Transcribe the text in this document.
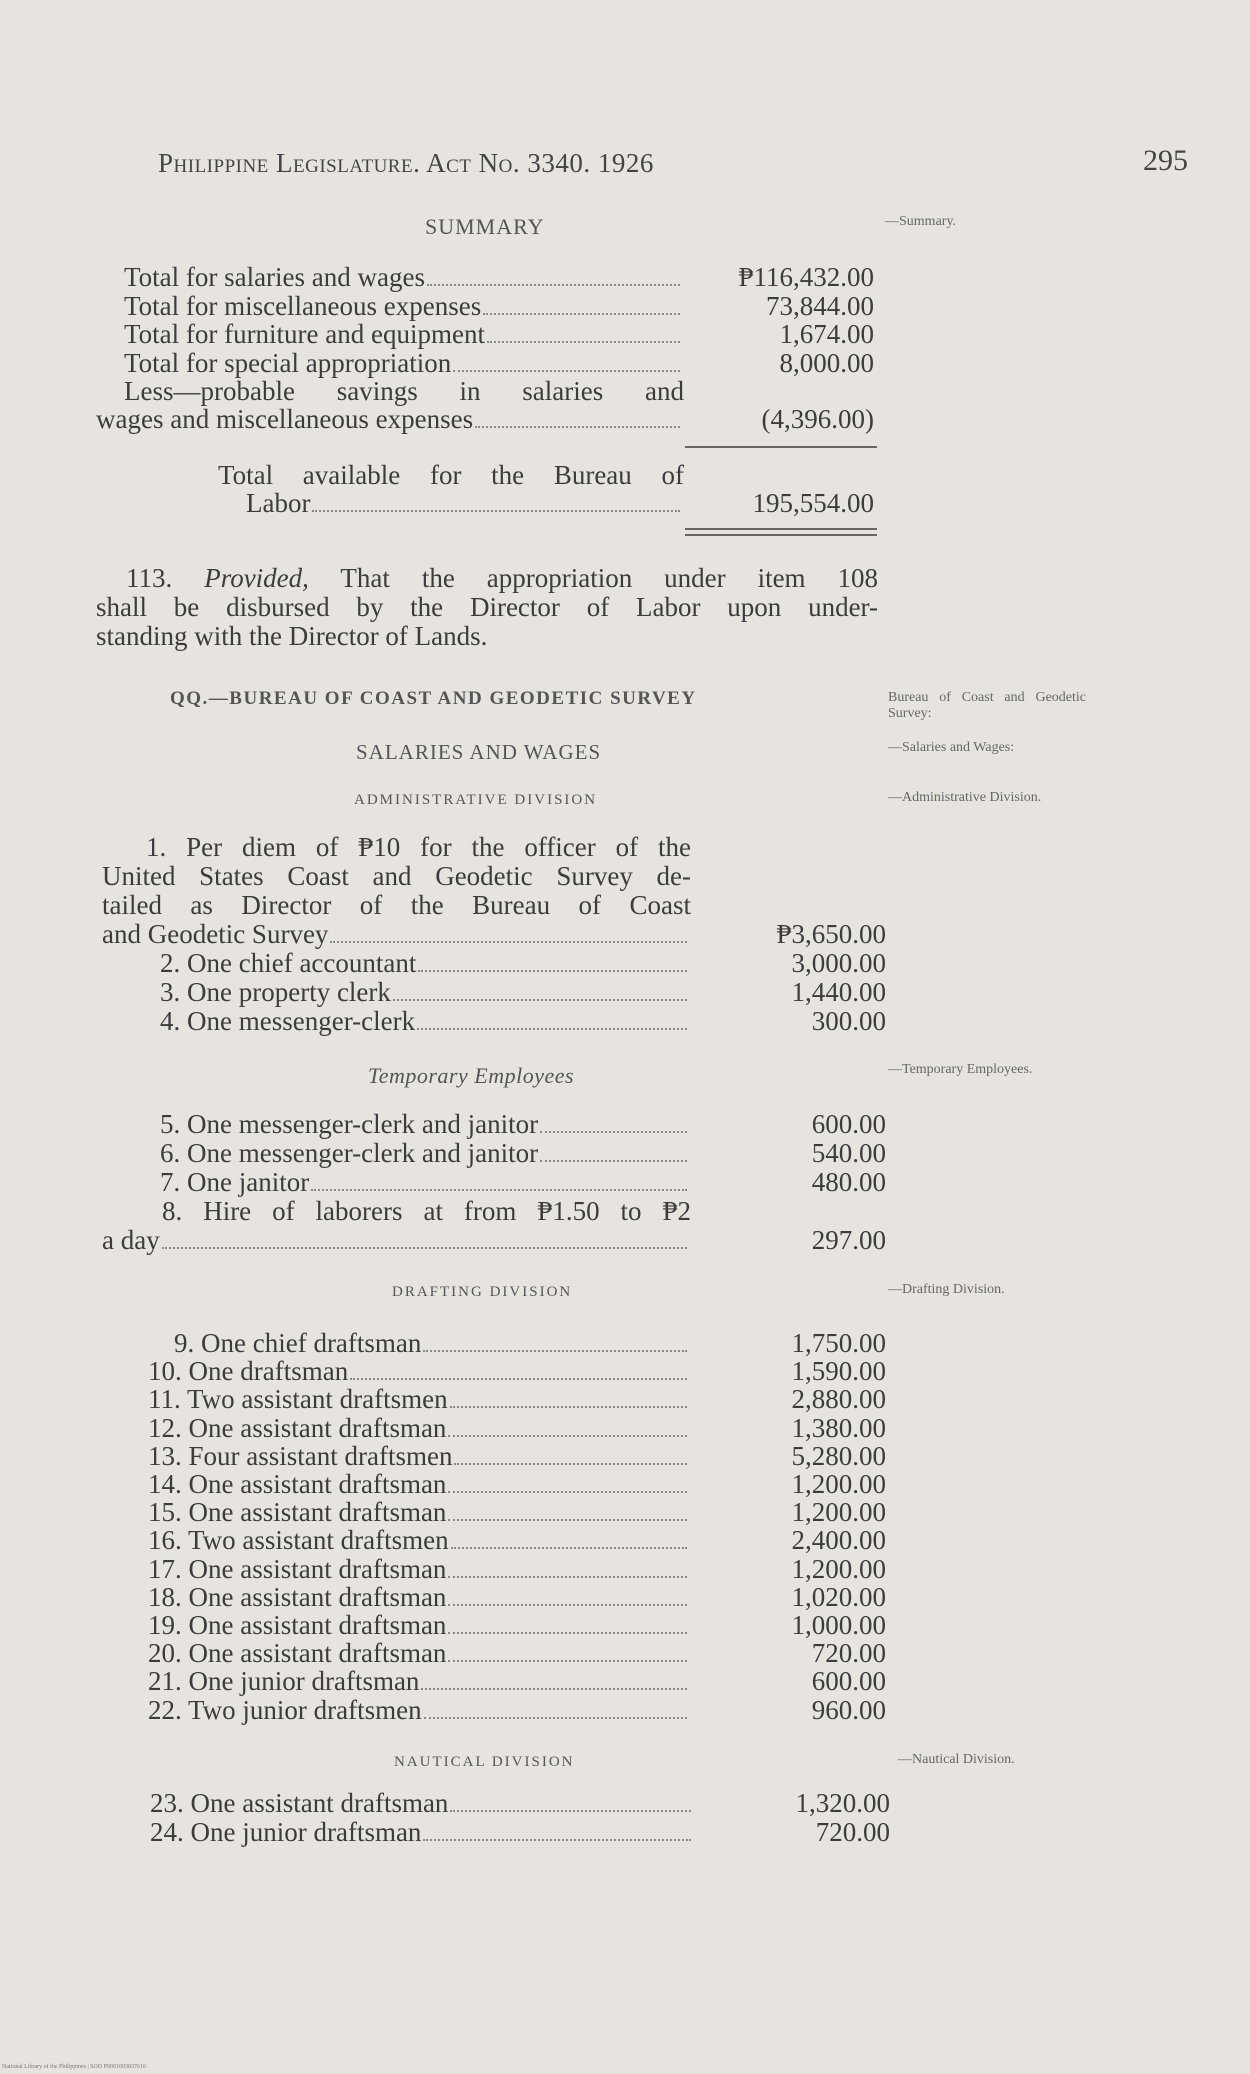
Philippine Legislature. Act No. 3340. 1926	295
SUMMARY	—Summary.
Total for salaries and wages	₱116,432.00
Total for miscellaneous expenses	73,844.00
Total for furniture and equipment	1,674.00
Total for special appropriation	8,000.00
Less—probable savings in salaries and
wages and miscellaneous expenses	(4,396.00)
Total available for the Bureau of
Labor	195,554.00
113. Provided, That the appropriation under item 108
shall be disbursed by the Director of Labor upon under-
standing with the Director of Lands.
QQ.—BUREAU OF COAST AND GEODETIC SURVEY	Bureau of Coast and Geodetic Survey:
SALARIES AND WAGES	—Salaries and Wages:
ADMINISTRATIVE DIVISION	—Administrative Division.
1. Per diem of ₱10 for the officer of the
United States Coast and Geodetic Survey de-
tailed as Director of the Bureau of Coast
and Geodetic Survey	₱3,650.00
2. One chief accountant	3,000.00
3. One property clerk	1,440.00
4. One messenger-clerk	300.00
Temporary Employees	—Temporary Employees.
5. One messenger-clerk and janitor	600.00
6. One messenger-clerk and janitor	540.00
7. One janitor	480.00
8. Hire of laborers at from ₱1.50 to ₱2
a day	297.00
DRAFTING DIVISION	—Drafting Division.
9. One chief draftsman	1,750.00
10. One draftsman	1,590.00
11. Two assistant draftsmen	2,880.00
12. One assistant draftsman	1,380.00
13. Four assistant draftsmen	5,280.00
14. One assistant draftsman	1,200.00
15. One assistant draftsman	1,200.00
16. Two assistant draftsmen	2,400.00
17. One assistant draftsman	1,200.00
18. One assistant draftsman	1,020.00
19. One assistant draftsman	1,000.00
20. One assistant draftsman	720.00
21. One junior draftsman	600.00
22. Two junior draftsmen	960.00
NAUTICAL DIVISION	—Nautical Division.
23. One assistant draftsman	1,320.00
24. One junior draftsman	720.00
National Library of the Philippines | SOD P0001003837616
